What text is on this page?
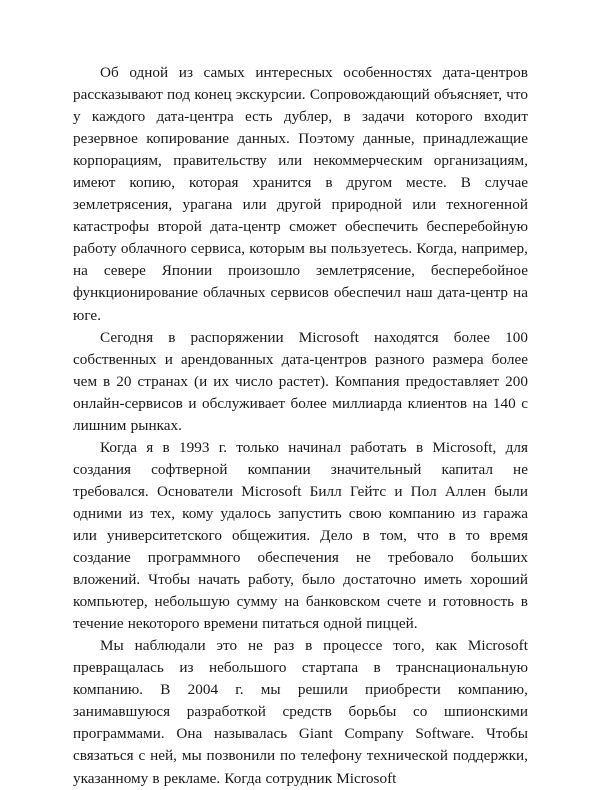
Об одной из самых интересных особенностях дата-центров рассказывают под конец экскурсии. Сопровождающий объясняет, что у каждого дата-центра есть дублер, в задачи которого входит резервное копирование данных. Поэтому данные, принадлежащие корпорациям, правительству или некоммерческим организациям, имеют копию, которая хранится в другом месте. В случае землетрясения, урагана или другой природной или техногенной катастрофы второй дата-центр сможет обеспечить бесперебойную работу облачного сервиса, которым вы пользуетесь. Когда, например, на севере Японии произошло землетрясение, бесперебойное функционирование облачных сервисов обеспечил наш дата-центр на юге.

Сегодня в распоряжении Microsoft находятся более 100 собственных и арендованных дата-центров разного размера более чем в 20 странах (и их число растет). Компания предоставляет 200 онлайн-сервисов и обслуживает более миллиарда клиентов на 140 с лишним рынках.

Когда я в 1993 г. только начинал работать в Microsoft, для создания софтверной компании значительный капитал не требовался. Основатели Microsoft Билл Гейтс и Пол Аллен были одними из тех, кому удалось запустить свою компанию из гаража или университетского общежития. Дело в том, что в то время создание программного обеспечения не требовало больших вложений. Чтобы начать работу, было достаточно иметь хороший компьютер, небольшую сумму на банковском счете и готовность в течение некоторого времени питаться одной пиццей.

Мы наблюдали это не раз в процессе того, как Microsoft превращалась из небольшого стартапа в транснациональную компанию. В 2004 г. мы решили приобрести компанию, занимавшуюся разработкой средств борьбы со шпионскими программами. Она называлась Giant Company Software. Чтобы связаться с ней, мы позвонили по телефону технической поддержки, указанному в рекламе. Когда сотрудник Microsoft
